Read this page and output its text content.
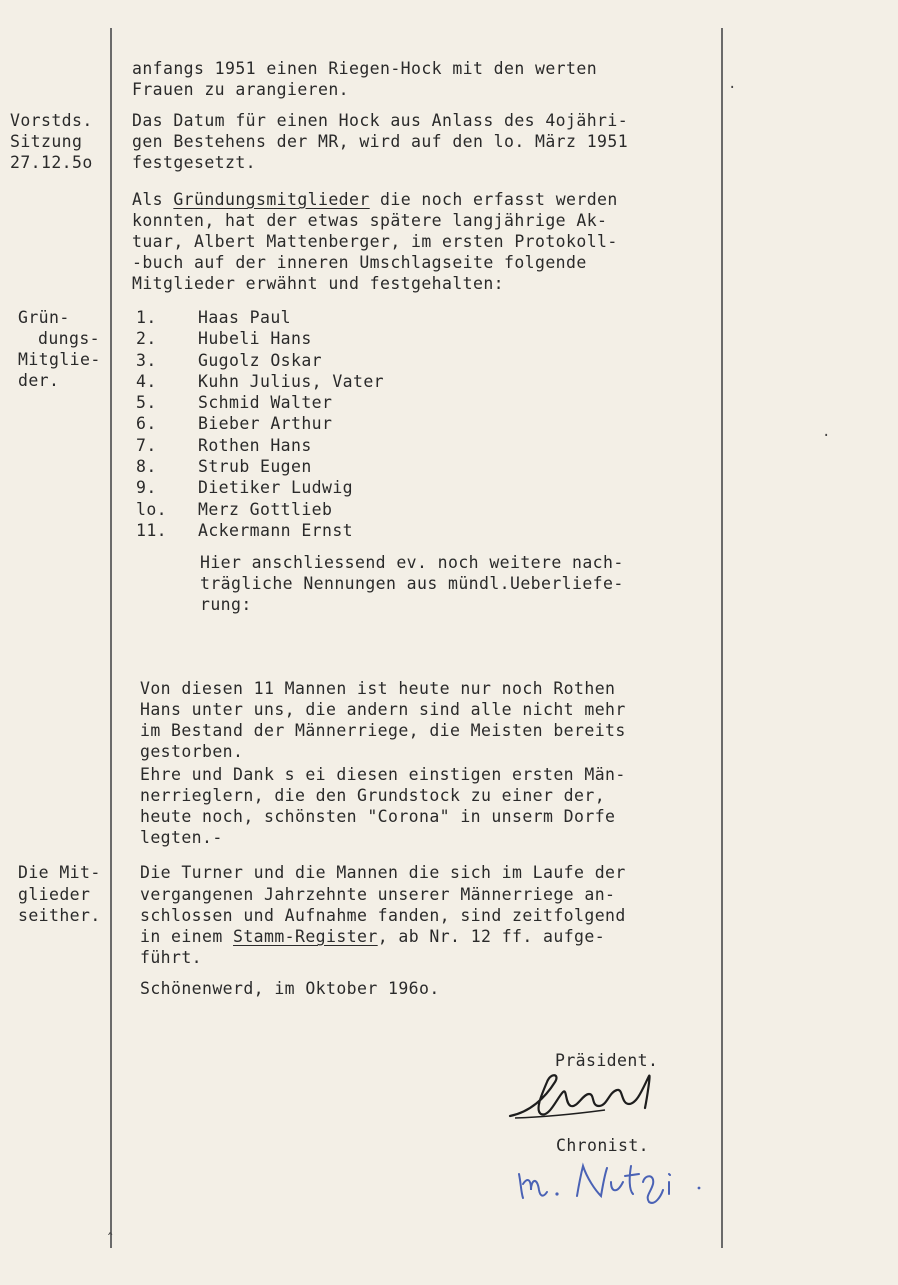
ˆ
·
·
anfangs 1951 einen Riegen-Hock mit den werten
Frauen zu arangieren.
Vorstds.
Sitzung
27.12.5o
Das Datum für einen Hock aus Anlass des 4ojähri-
gen Bestehens der MR, wird auf den lo. März 1951
festgesetzt.
Als Gründungsmitglieder die noch erfasst werden
konnten, hat der etwas spätere langjährige Ak-
tuar, Albert Mattenberger, im ersten Protokoll-
-buch auf der inneren Umschlagseite folgende
Mitglieder erwähnt und festgehalten:
Grün-
dungs-
Mitglie-
der.
1.	Haas Paul
2.	Hubeli Hans
3.	Gugolz Oskar
4.	Kuhn Julius, Vater
5.	Schmid Walter
6.	Bieber Arthur
7.	Rothen Hans
8.	Strub Eugen
9.	Dietiker Ludwig
lo. Merz Gottlieb
11. Ackermann Ernst
Hier anschliessend ev. noch weitere nach-
trägliche Nennungen aus mündl.Ueberliefe-
rung:
Von diesen 11 Mannen ist heute nur noch Rothen
Hans unter uns, die andern sind alle nicht mehr
im Bestand der Männerriege, die Meisten bereits
gestorben.
Ehre und Dank s ei diesen einstigen ersten Män-
nerrieglern, die den Grundstock zu einer der,
heute noch, schönsten "Corona" in unserm Dorfe
legten.-
Die Mit-
glieder
seither.
Die Turner und die Mannen die sich im Laufe der
vergangenen Jahrzehnte unserer Männerriege an-
schlossen und Aufnahme fanden, sind zeitfolgend
in einem Stamm-Register, ab Nr. 12 ff. aufge-
führt.
Schönenwerd, im Oktober 196o.
Präsident.
Chronist.
